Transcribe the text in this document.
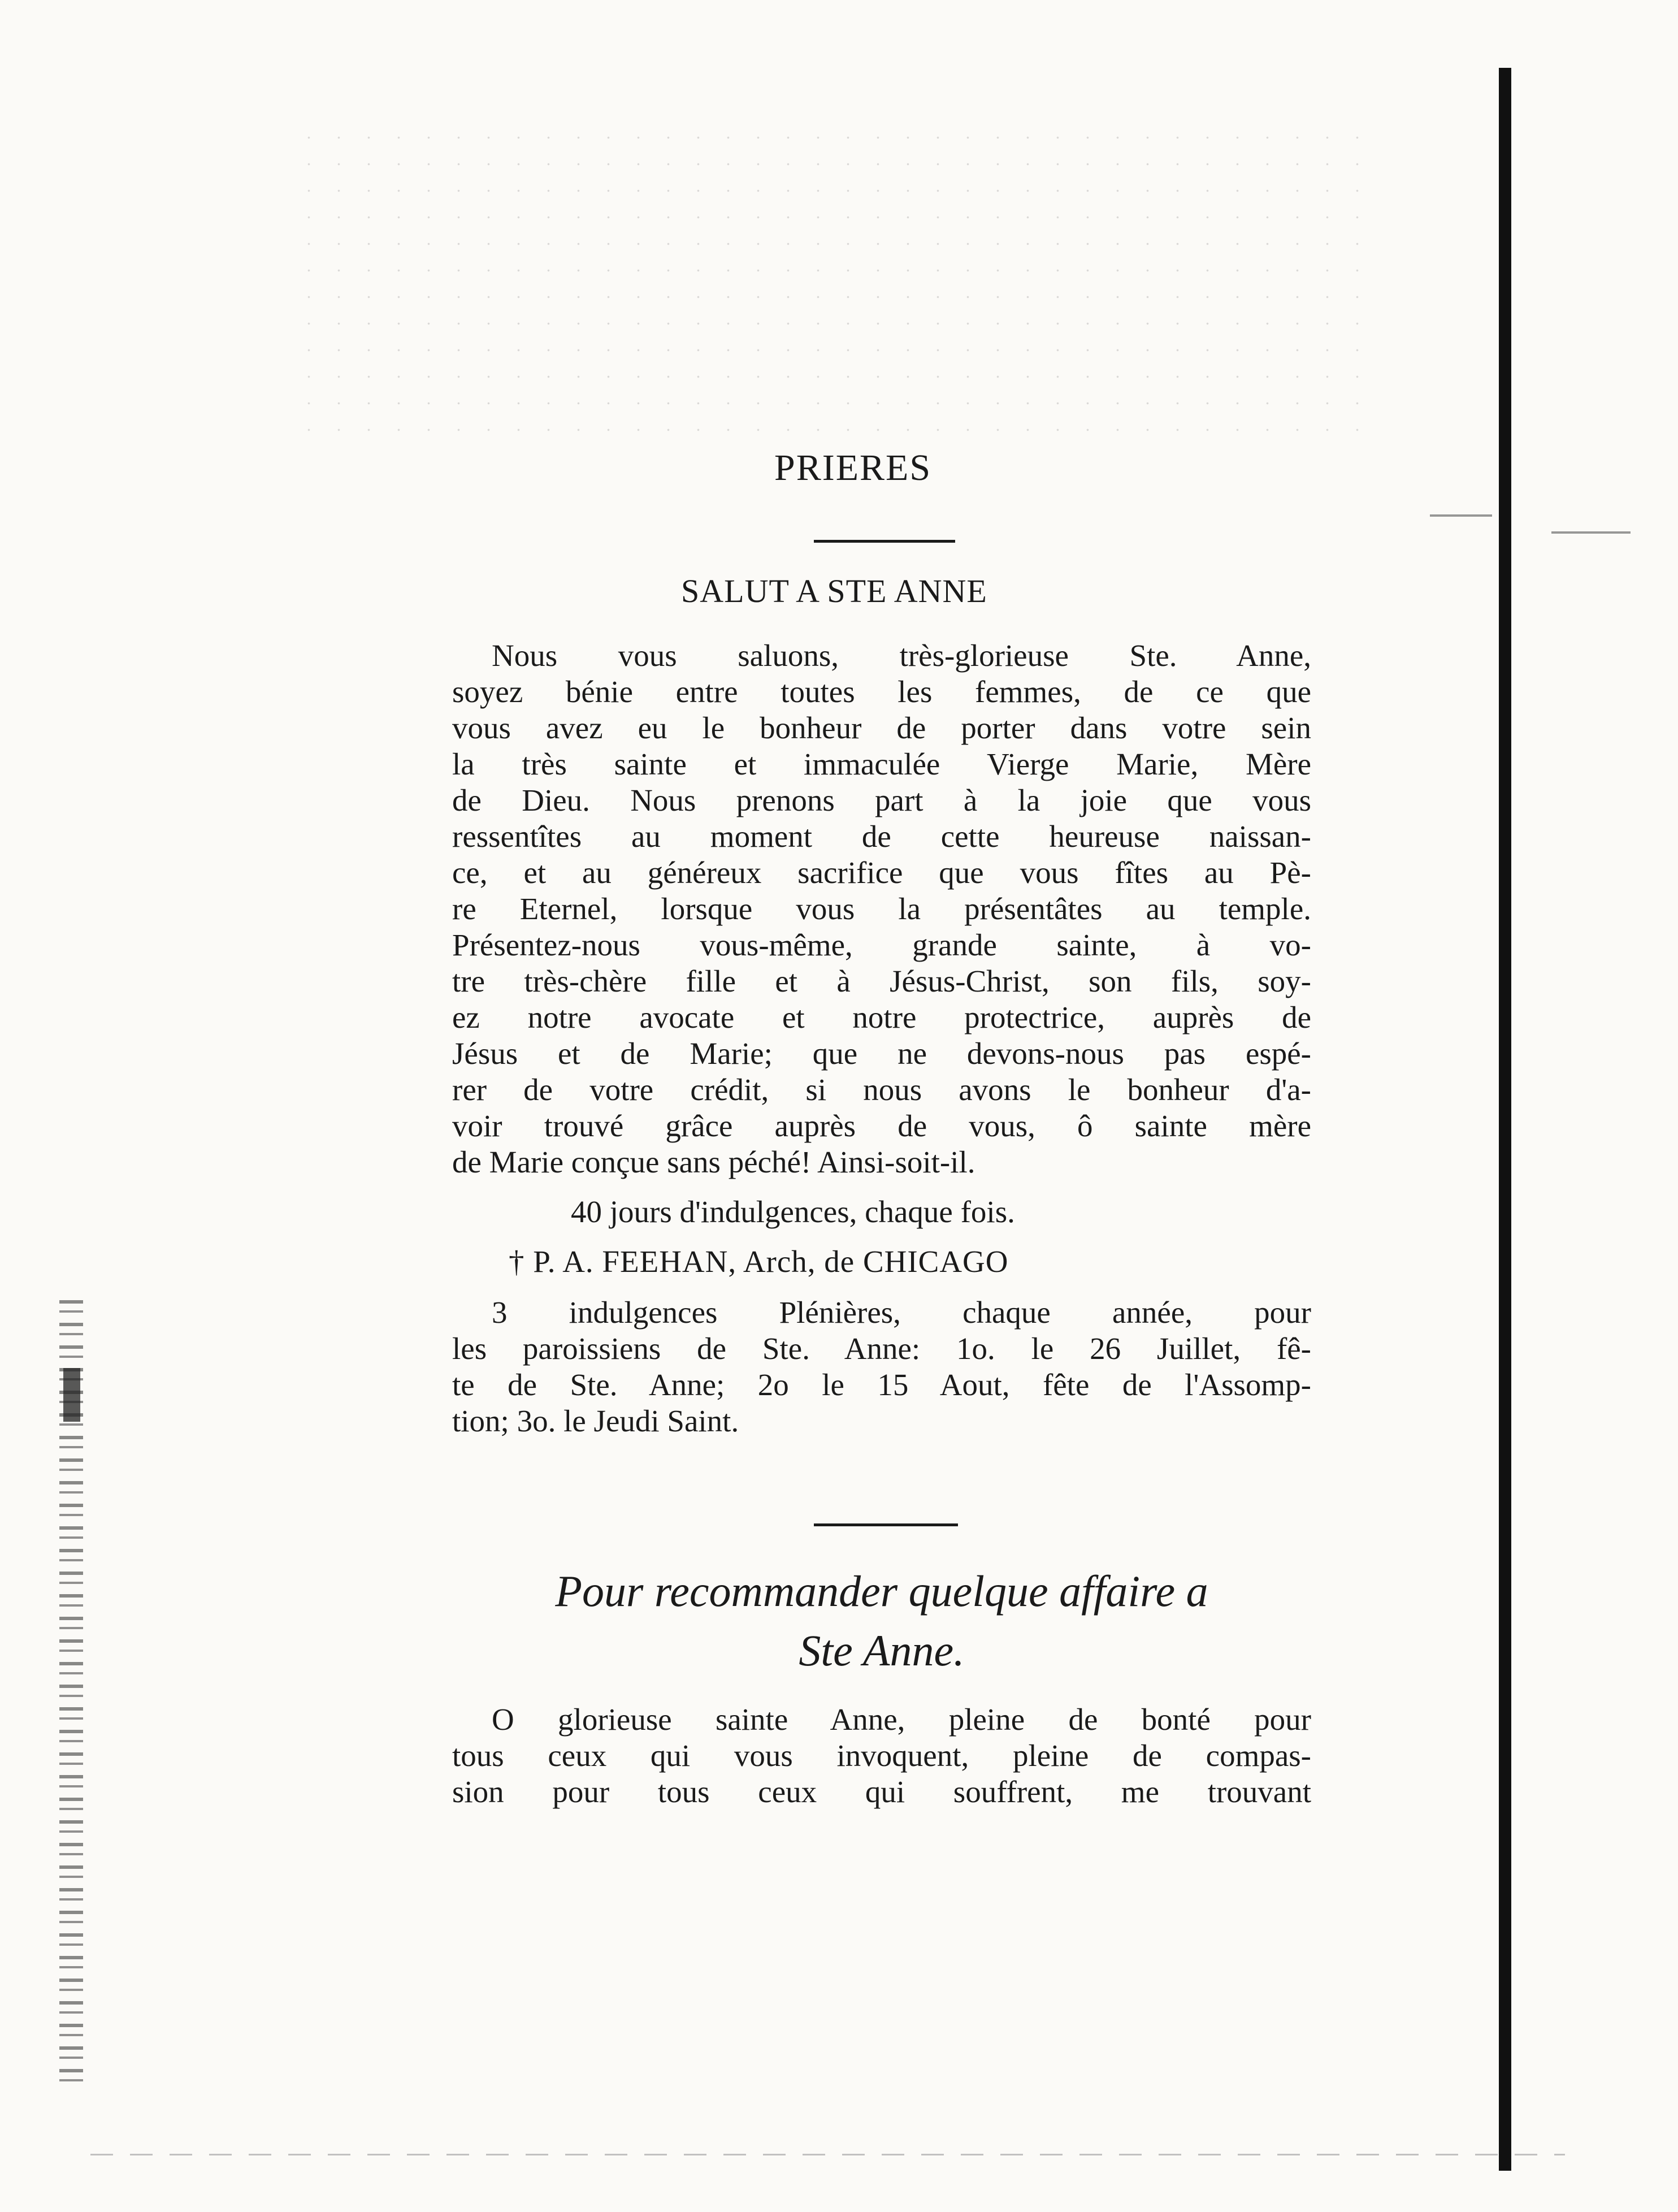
PRIERES
SALUT A STE ANNE
Nous vous saluons, très-glorieuse Ste. Anne,
soyez bénie entre toutes les femmes, de ce que
vous avez eu le bonheur de porter dans votre sein
la très sainte et immaculée Vierge Marie, Mère
de Dieu. Nous prenons part à la joie que vous
ressentîtes au moment de cette heureuse naissan-
ce, et au généreux sacrifice que vous fîtes au Pè-
re Eternel, lorsque vous la présentâtes au temple.
Présentez-nous vous-même, grande sainte, à vo-
tre très-chère fille et à Jésus-Christ, son fils, soy-
ez notre avocate et notre protectrice, auprès de
Jésus et de Marie; que ne devons-nous pas espé-
rer de votre crédit, si nous avons le bonheur d'a-
voir trouvé grâce auprès de vous, ô sainte mère
de Marie conçue sans péché! Ainsi-soit-il.
40 jours d'indulgences, chaque fois.
† P. A. FEEHAN, Arch, de CHICAGO
3 indulgences Plénières, chaque année, pour
les paroissiens de Ste. Anne: 1o. le 26 Juillet, fê-
te de Ste. Anne; 2o le 15 Aout, fête de l'Assomp-
tion; 3o. le Jeudi Saint.
Pour recommander quelque affaire a
Ste Anne.
O glorieuse sainte Anne, pleine de bonté pour
tous ceux qui vous invoquent, pleine de compas-
sion pour tous ceux qui souffrent, me trouvant
